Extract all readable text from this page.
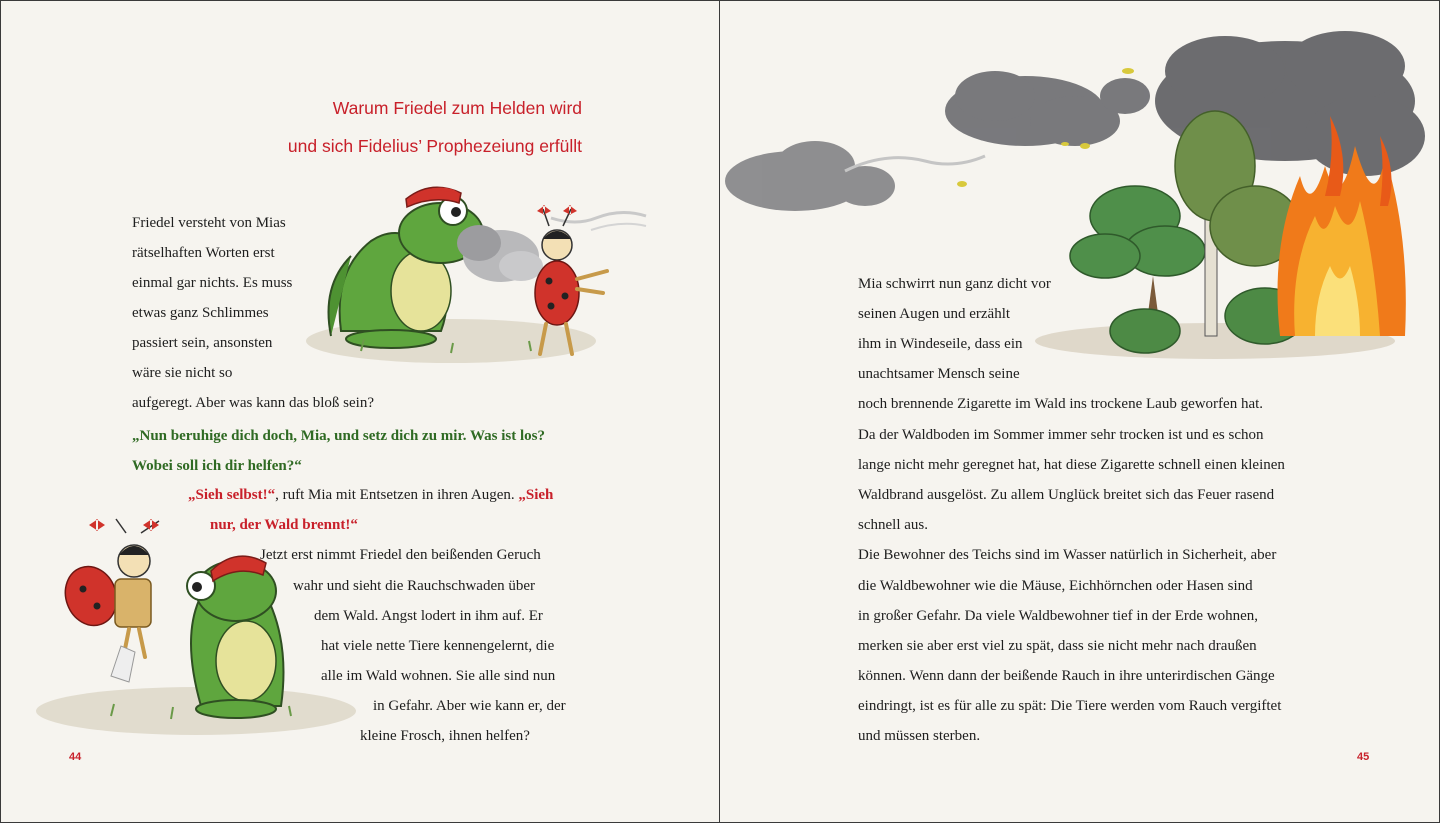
Warum Friedel zum Helden wird
und sich Fidelius’ Prophezeiung erfüllt
Friedel versteht von Mias
rätselhaften Worten erst
einmal gar nichts. Es muss
etwas ganz Schlimmes
passiert sein, ansonsten
wäre sie nicht so
aufgeregt. Aber was kann das bloß sein?
„Nun beruhige dich doch, Mia, und setz dich zu mir. Was ist los?
Wobei soll ich dir helfen?“
„Sieh selbst!“, ruft Mia mit Entsetzen in ihren Augen. „Sieh
nur, der Wald brennt!“
Jetzt erst nimmt Friedel den beißenden Geruch
wahr und sieht die Rauchschwaden über
dem Wald. Angst lodert in ihm auf. Er
hat viele nette Tiere kennengelernt, die
alle im Wald wohnen. Sie alle sind nun
in Gefahr. Aber wie kann er, der
kleine Frosch, ihnen helfen?
44
Mia schwirrt nun ganz dicht vor
seinen Augen und erzählt
ihm in Windeseile, dass ein
unachtsamer Mensch seine
noch brennende Zigarette im Wald ins trockene Laub geworfen hat.
Da der Waldboden im Sommer immer sehr trocken ist und es schon
lange nicht mehr geregnet hat, hat diese Zigarette schnell einen kleinen
Waldbrand ausgelöst. Zu allem Unglück breitet sich das Feuer rasend
schnell aus.
Die Bewohner des Teichs sind im Wasser natürlich in Sicherheit, aber
die Waldbewohner wie die Mäuse, Eichhörnchen oder Hasen sind
in großer Gefahr. Da viele Waldbewohner tief in der Erde wohnen,
merken sie aber erst viel zu spät, dass sie nicht mehr nach draußen
können. Wenn dann der beißende Rauch in ihre unterirdischen Gänge
eindringt, ist es für alle zu spät: Die Tiere werden vom Rauch vergiftet
und müssen sterben.
45
